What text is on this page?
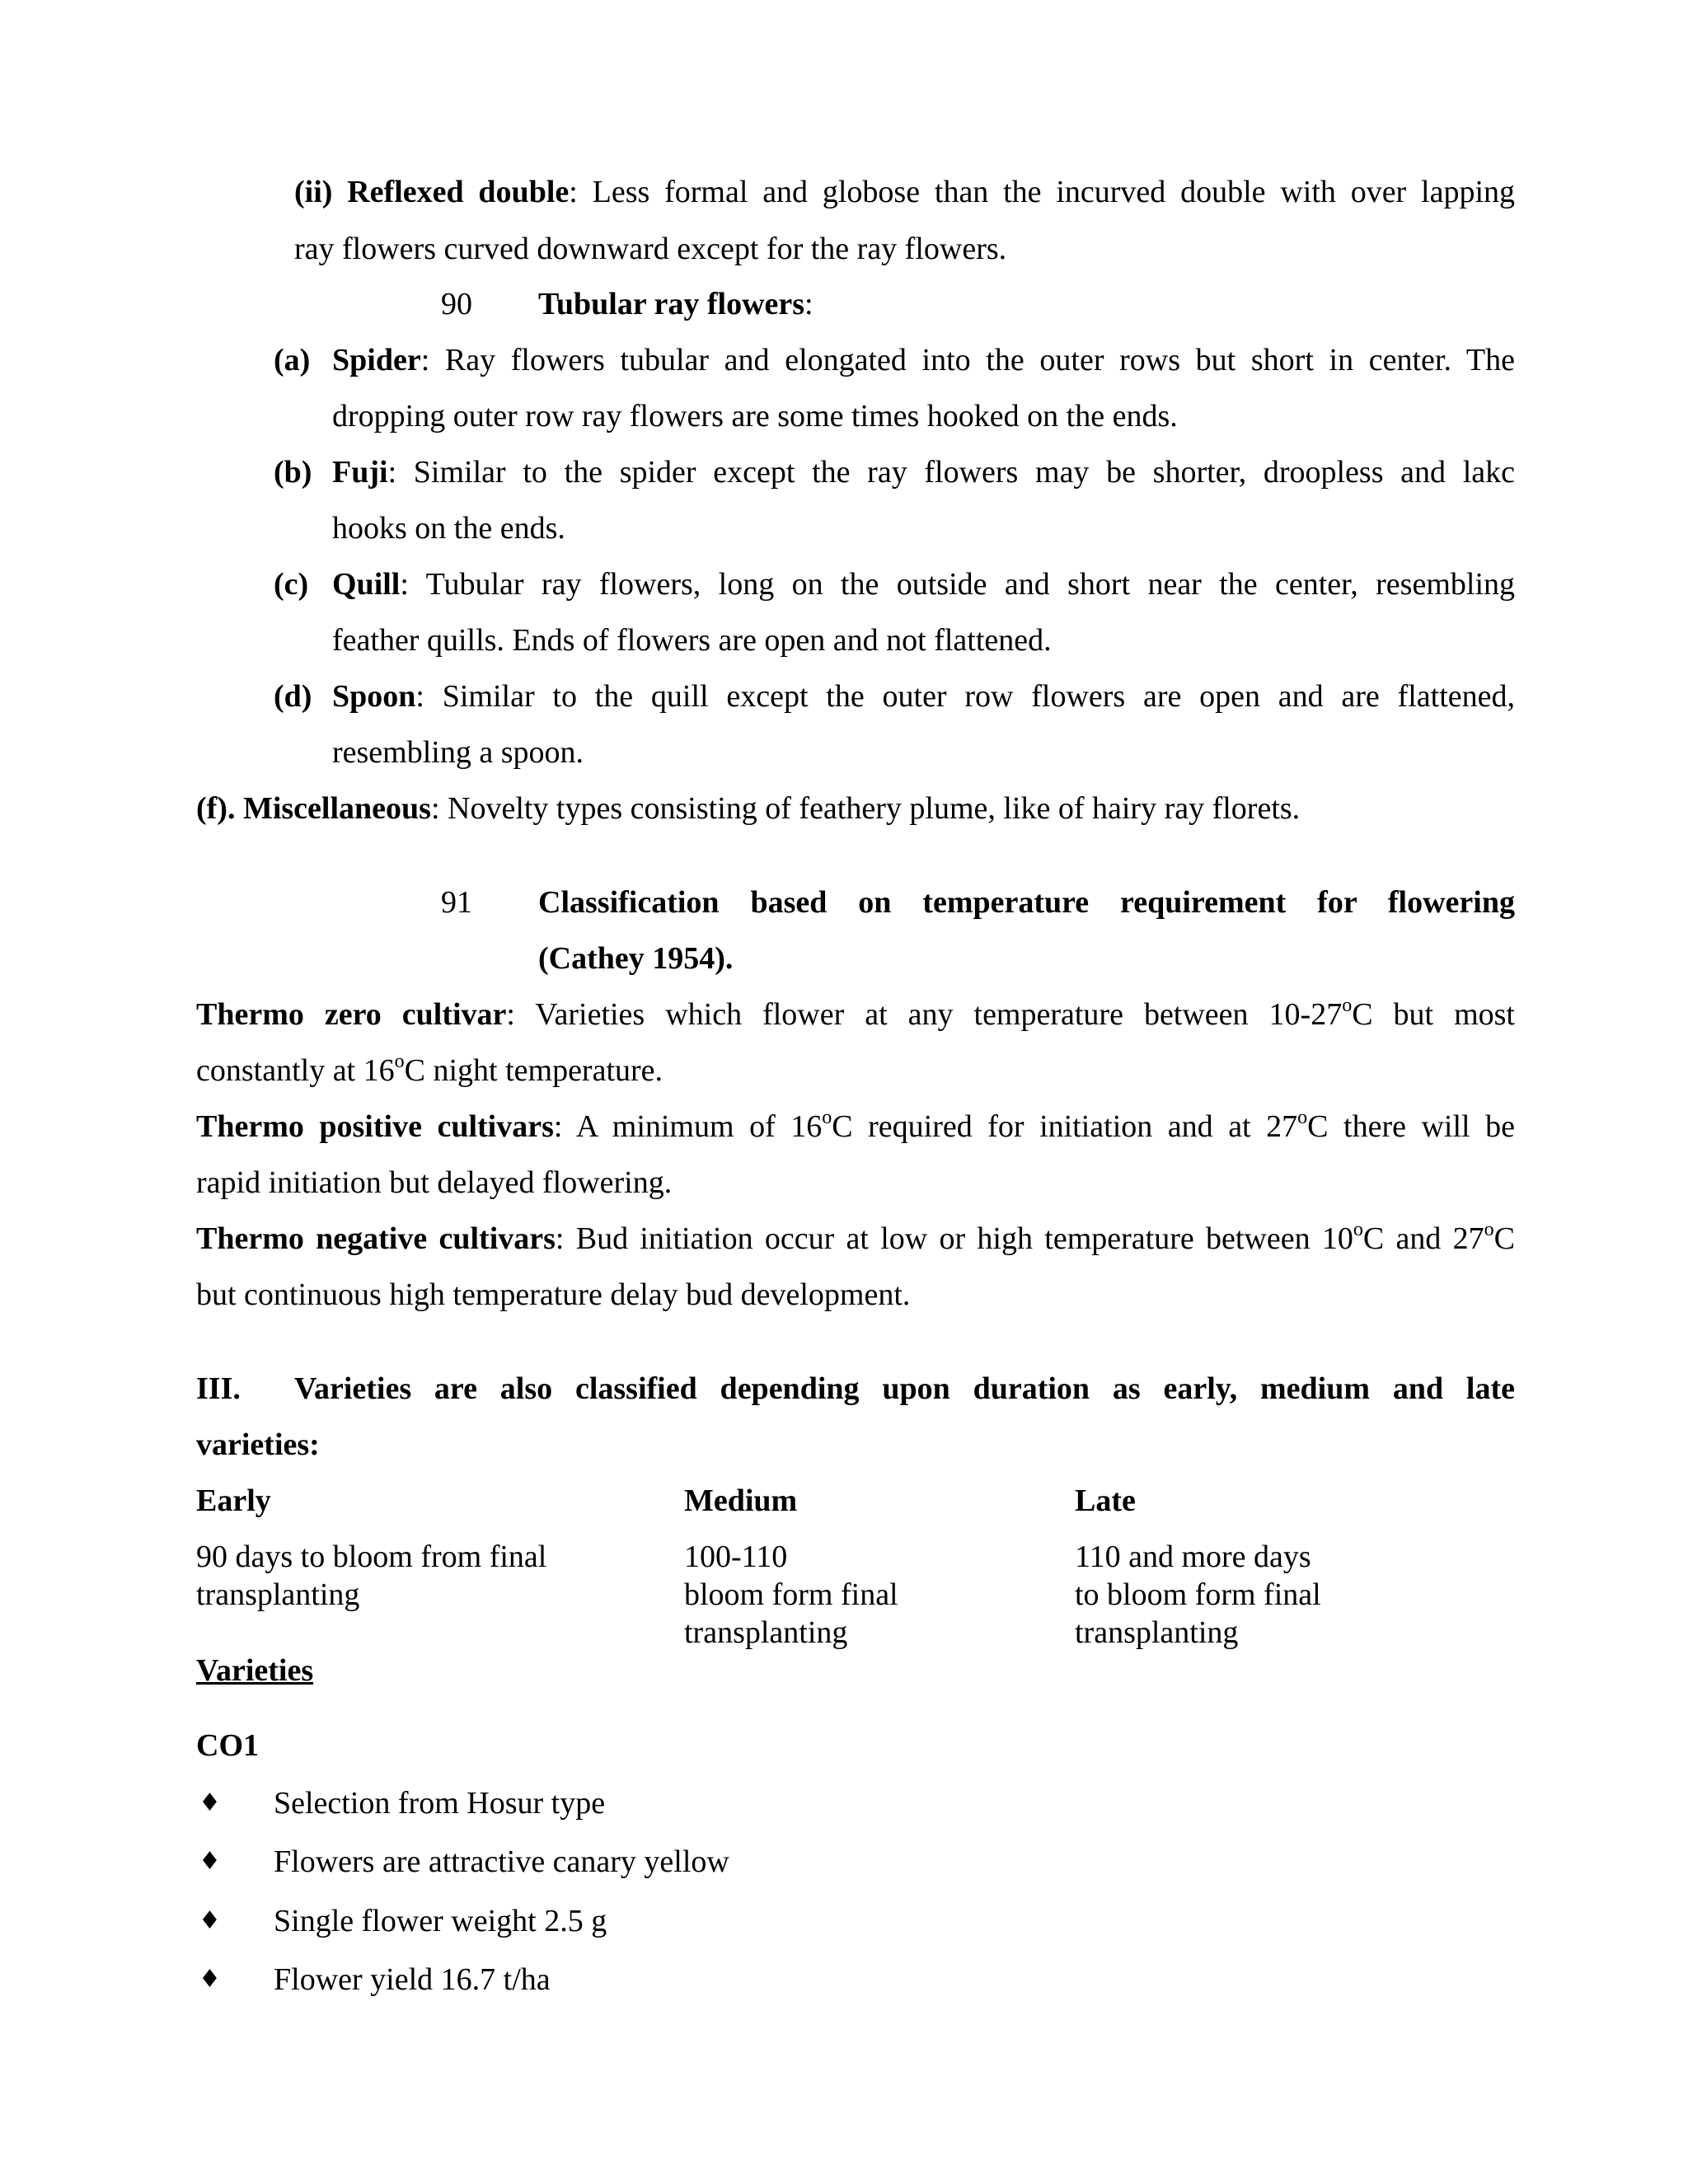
(ii) Reflexed double: Less formal and globose than the incurved double with over lapping
ray flowers curved downward except for the ray flowers.
90 Tubular ray flowers:
(a) Spider: Ray flowers tubular and elongated into the outer rows but short in center. The
dropping outer row ray flowers are some times hooked on the ends.
(b) Fuji: Similar to the spider except the ray flowers may be shorter, droopless and lakc
hooks on the ends.
(c) Quill: Tubular ray flowers, long on the outside and short near the center, resembling
feather quills. Ends of flowers are open and not flattened.
(d) Spoon: Similar to the quill except the outer row flowers are open and are flattened,
resembling a spoon.
(f). Miscellaneous: Novelty types consisting of feathery plume, like of hairy ray florets.
91 Classification based on temperature requirement for flowering
(Cathey 1954).
Thermo zero cultivar: Varieties which flower at any temperature between 10-27$^o$C but most
constantly at 16$^o$C night temperature.
Thermo positive cultivars: A minimum of 16$^o$C required for initiation and at 27$^o$C there will be
rapid initiation but delayed flowering.
Thermo negative cultivars: Bud initiation occur at low or high temperature between 10$^o$C and 27$^o$C
but continuous high temperature delay bud development.
III. Varieties are also classified depending upon duration as early, medium and late
varieties:
Early	Medium	Late
90 days to bloom from final
transplanting
100-110
bloom form final
transplanting
110 and more days
to bloom form final
transplanting
Varieties
CO1
♦ Selection from Hosur type
♦ Flowers are attractive canary yellow
♦ Single flower weight 2.5 g
♦ Flower yield 16.7 t/ha
